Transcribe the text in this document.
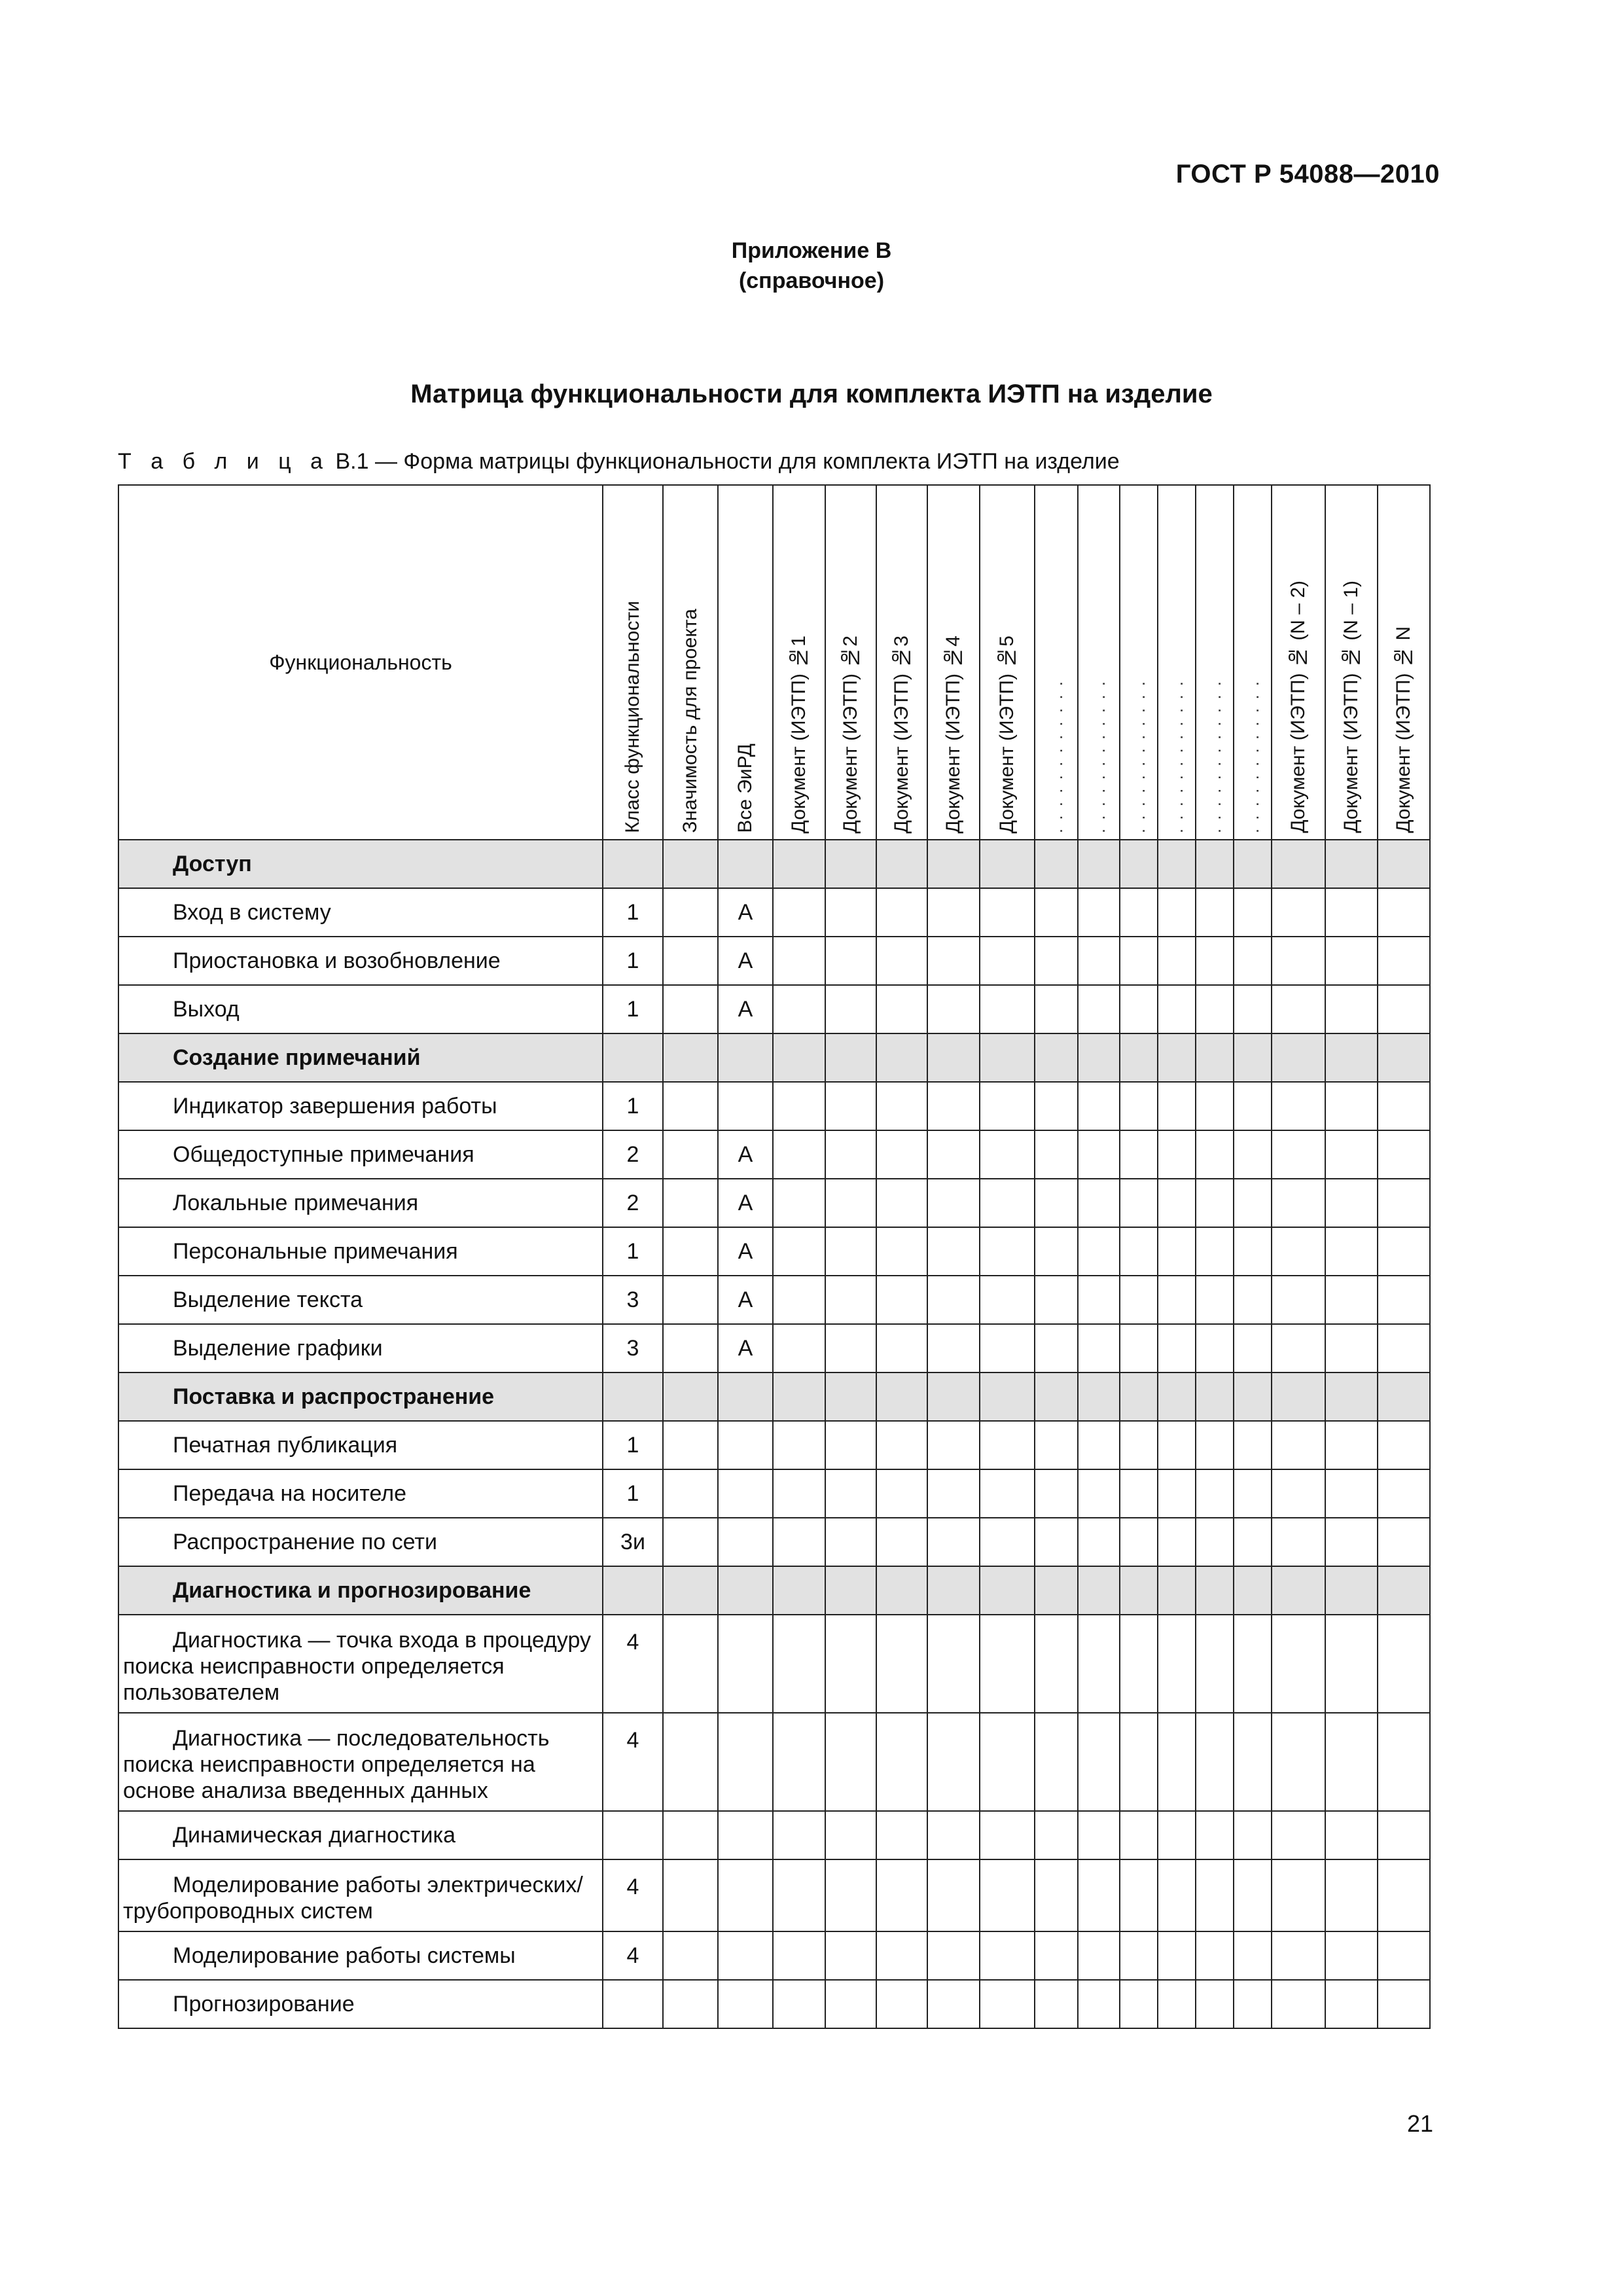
ГОСТ Р 54088—2010
Приложение В
(справочное)
Матрица функциональности для комплекта ИЭТП на изделие
Т а б л и ц а В.1 — Форма матрицы функциональности для комплекта ИЭТП на изделие
Функциональность	Класс функциональности	Значимость для проекта	Все ЭиРД	Документ (ИЭТП) №1	Документ (ИЭТП) №2	Документ (ИЭТП) №3	Документ (ИЭТП) №4	Документ (ИЭТП) №5	. . . . . . . . . . . .	. . . . . . . . . . . .	. . . . . . . . . . . .	. . . . . . . . . . . .	. . . . . . . . . . . .	. . . . . . . . . . . .	Документ (ИЭТП) № (N – 2)	Документ (ИЭТП) № (N – 1)	Документ (ИЭТП) № N

Доступ																	
Вход в систему	1		А														
Приостановка и возобновление	1		А														
Выход	1		А														
Создание примечаний																	
Индикатор завершения работы	1																
Общедоступные примечания	2		А														
Локальные примечания	2		А														
Персональные примечания	1		А														
Выделение текста	3		А														
Выделение графики	3		А														
Поставка и распространение																	
Печатная публикация	1																
Передача на носителе	1																
Распространение по сети	3и																
Диагностика и прогнозирование																	
Диагностика — точка входа в процедуру поиска неисправности определяется пользователем	4																
Диагностика — последовательность поиска неисправности определяется на основе анализа введенных данных	4																
Динамическая диагностика																	
Моделирование работы электрических/трубопроводных систем	4																
Моделирование работы системы	4																
Прогнозирование																	
21
